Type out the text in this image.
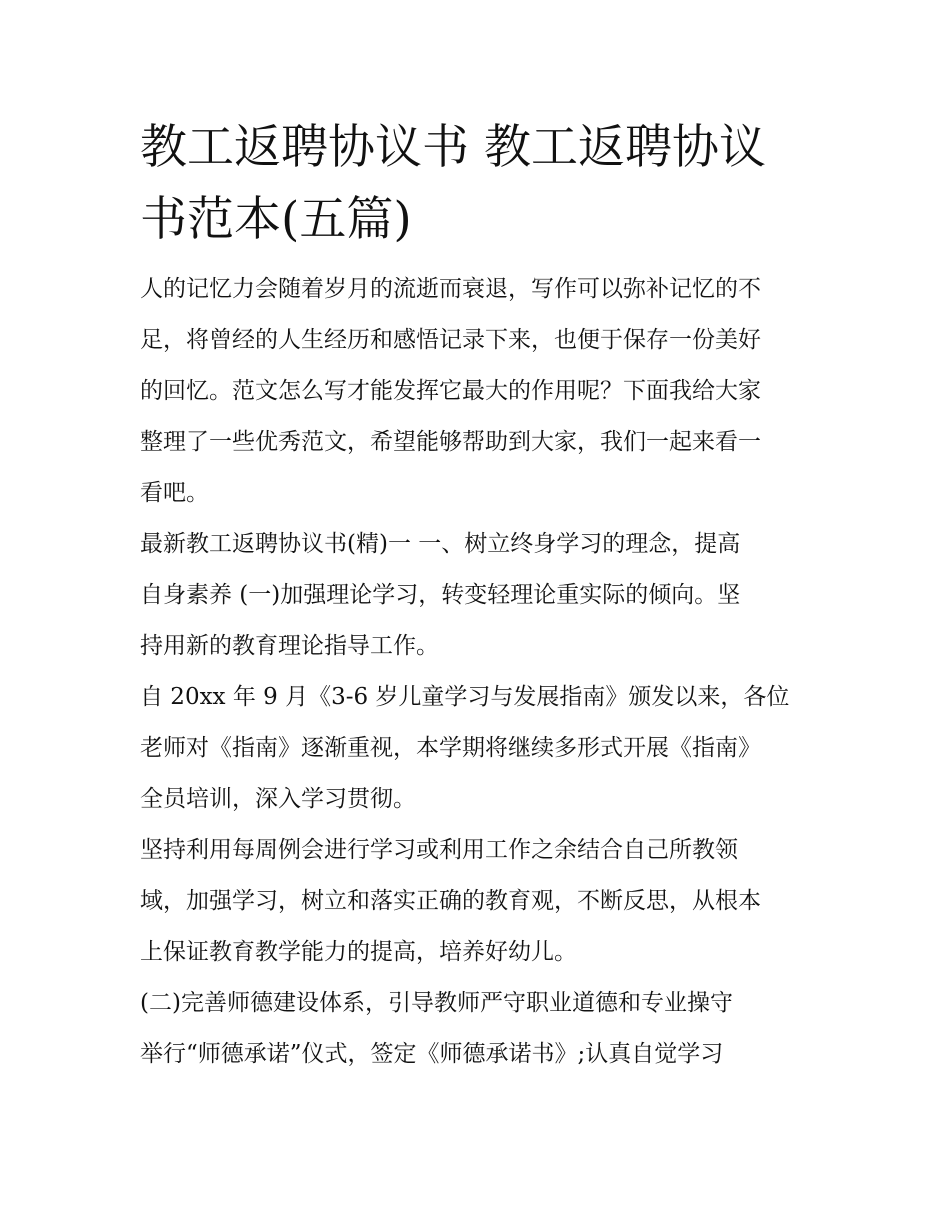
教工返聘协议书 教工返聘协议
书范本(五篇)
人的记忆力会随着岁月的流逝而衰退，写作可以弥补记忆的不
足，将曾经的人生经历和感悟记录下来，也便于保存一份美好
的回忆。范文怎么写才能发挥它最大的作用呢？下面我给大家
整理了一些优秀范文，希望能够帮助到大家，我们一起来看一
看吧。
最新教工返聘协议书(精)一 一、树立终身学习的理念，提高
自身素养 (一)加强理论学习，转变轻理论重实际的倾向。坚
持用新的教育理论指导工作。
自 20xx 年 9 月《3-6 岁儿童学习与发展指南》颁发以来，各位
老师对《指南》逐渐重视，本学期将继续多形式开展《指南》
全员培训，深入学习贯彻。
坚持利用每周例会进行学习或利用工作之余结合自己所教领
域，加强学习，树立和落实正确的教育观，不断反思，从根本
上保证教育教学能力的提高，培养好幼儿。
(二)完善师德建设体系，引导教师严守职业道德和专业操守
举行“师德承诺”仪式，签定《师德承诺书》;认真自觉学习
